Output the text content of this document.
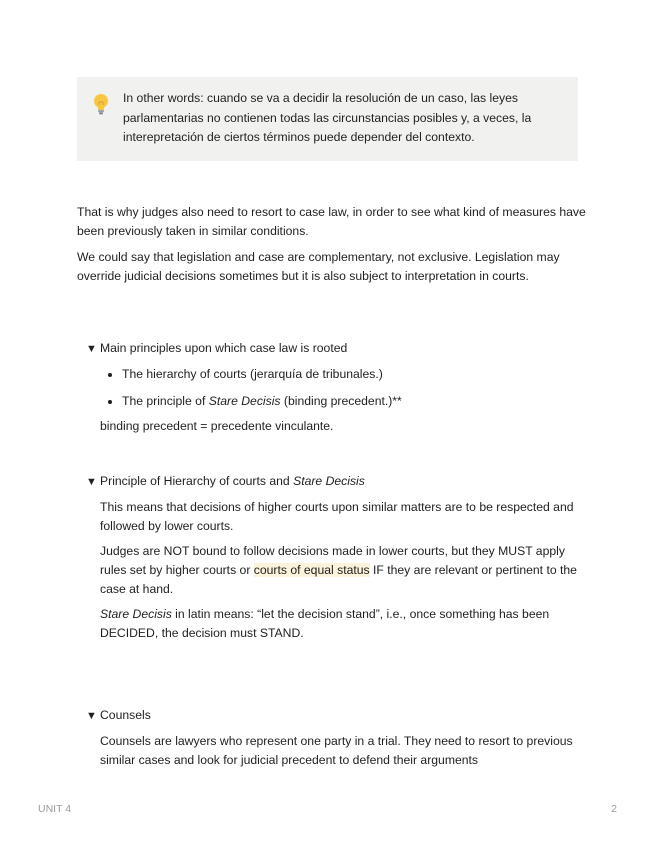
In other words: cuando se va a decidir la resolución de un caso, las leyes parlamentarias no contienen todas las circunstancias posibles y, a veces, la interepretación de ciertos términos puede depender del contexto.

That is why judges also need to resort to case law, in order to see what kind of measures have been previously taken in similar conditions.

We could say that legislation and case are complementary, not exclusive. Legislation may override judicial decisions sometimes but it is also subject to interpretation in courts.

▼ Main principles upon which case law is rooted
• The hierarchy of courts (jerarquía de tribunales.)
• The principle of Stare Decisis (binding precedent.)**

binding precedent = precedente vinculante.

▼ Principle of Hierarchy of courts and Stare Decisis

This means that decisions of higher courts upon similar matters are to be respected and followed by lower courts.

Judges are NOT bound to follow decisions made in lower courts, but they MUST apply rules set by higher courts or courts of equal status IF they are relevant or pertinent to the case at hand.

Stare Decisis in latin means: “let the decision stand”, i.e., once something has been DECIDED, the decision must STAND.

▼ Counsels

Counsels are lawyers who represent one party in a trial. They need to resort to previous similar cases and look for judicial precedent to defend their arguments

UNIT 4	2
